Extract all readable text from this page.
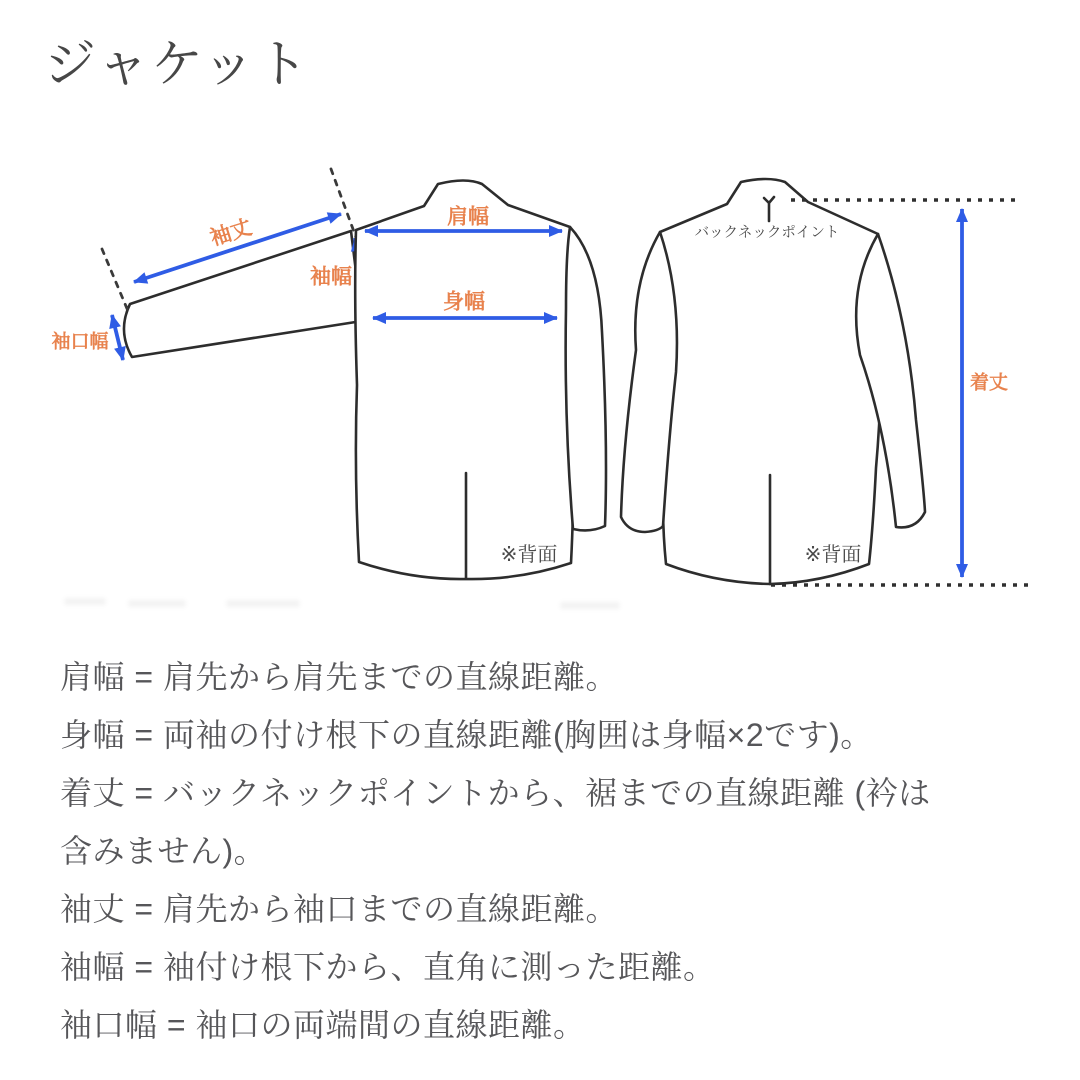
ジャケット
袖丈
袖幅
袖口幅
肩幅
身幅
※背面
バックネックポイント
着丈
※背面
肩幅 = 肩先から肩先までの直線距離。
身幅 = 両袖の付け根下の直線距離(胸囲は身幅×2です)。
着丈 = バックネックポイントから、裾までの直線距離 (衿は
含みません)。
袖丈 = 肩先から袖口までの直線距離。
袖幅 = 袖付け根下から、直角に測った距離。
袖口幅 = 袖口の両端間の直線距離。
